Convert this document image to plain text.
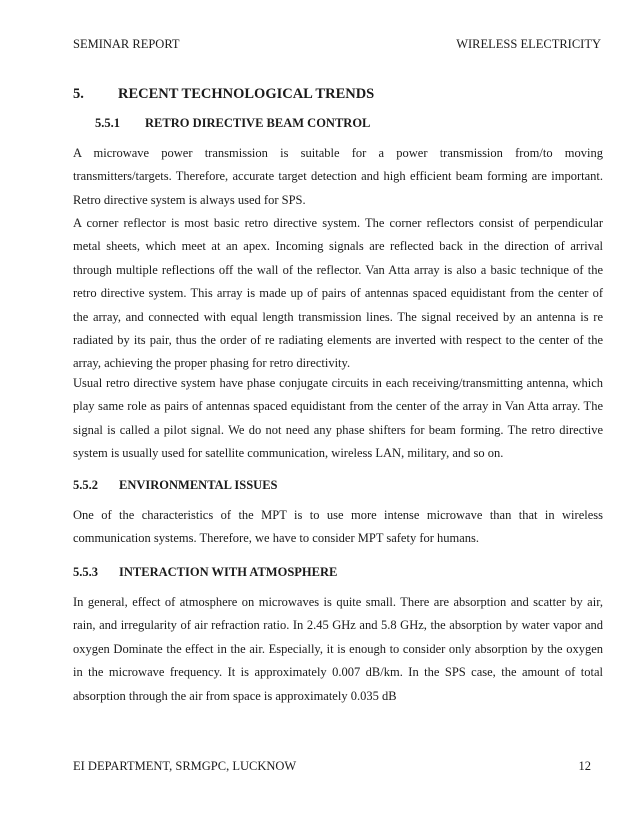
SEMINAR REPORT	WIRELESS ELECTRICITY
5. RECENT TECHNOLOGICAL TRENDS
5.5.1 RETRO DIRECTIVE BEAM CONTROL
A microwave power transmission is suitable for a power transmission from/to moving transmitters/targets. Therefore, accurate target detection and high efficient beam forming are important. Retro directive system is always used for SPS.
A corner reflector is most basic retro directive system. The corner reflectors consist of perpendicular metal sheets, which meet at an apex. Incoming signals are reflected back in the direction of arrival through multiple reflections off the wall of the reflector. Van Atta array is also a basic technique of the retro directive system. This array is made up of pairs of antennas spaced equidistant from the center of the array, and connected with equal length transmission lines. The signal received by an antenna is re radiated by its pair, thus the order of re radiating elements are inverted with respect to the center of the array, achieving the proper phasing for retro directivity.
Usual retro directive system have phase conjugate circuits in each receiving/transmitting antenna, which play same role as pairs of antennas spaced equidistant from the center of the array in Van Atta array. The signal is called a pilot signal. We do not need any phase shifters for beam forming. The retro directive system is usually used for satellite communication, wireless LAN, military, and so on.
5.5.2 ENVIRONMENTAL ISSUES
One of the characteristics of the MPT is to use more intense microwave than that in wireless communication systems. Therefore, we have to consider MPT safety for humans.
5.5.3 INTERACTION WITH ATMOSPHERE
In general, effect of atmosphere on microwaves is quite small. There are absorption and scatter by air, rain, and irregularity of air refraction ratio. In 2.45 GHz and 5.8 GHz, the absorption by water vapor and oxygen Dominate the effect in the air. Especially, it is enough to consider only absorption by the oxygen in the microwave frequency. It is approximately 0.007 dB/km. In the SPS case, the amount of total absorption through the air from space is approximately 0.035 dB
EI DEPARTMENT, SRMGPC, LUCKNOW	12
